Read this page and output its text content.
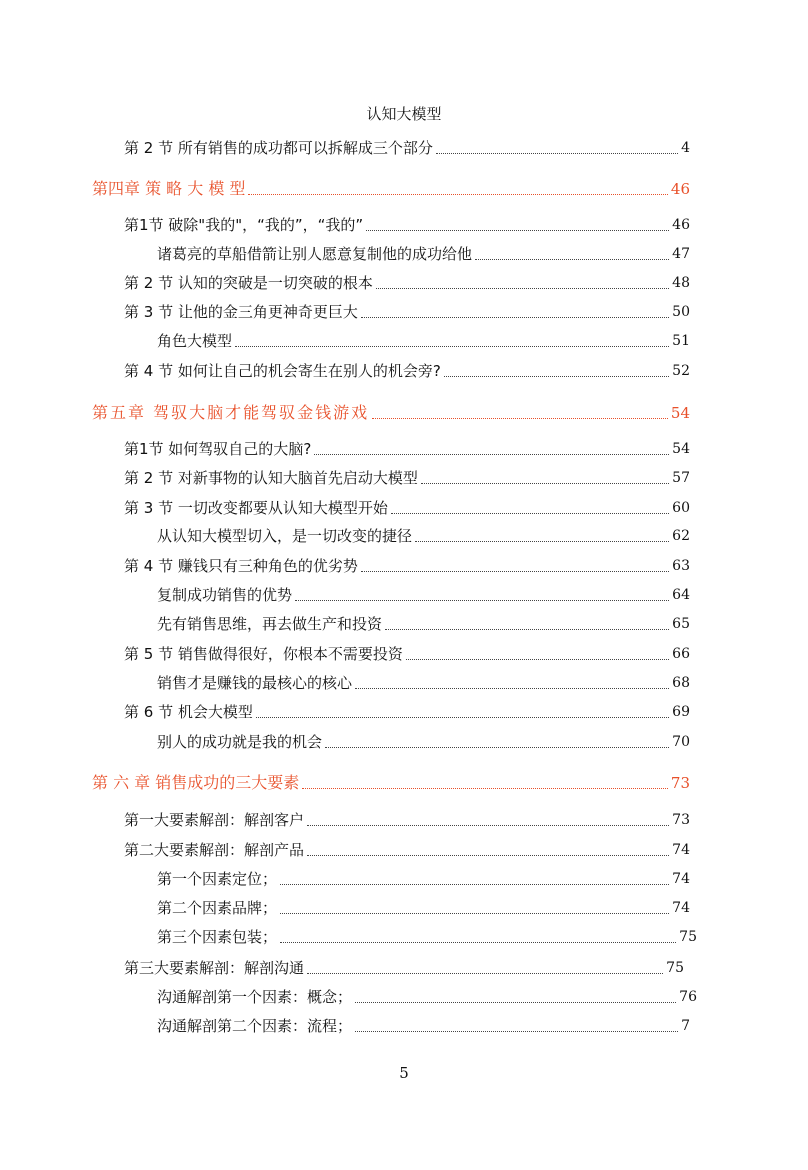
认知大模型
第 2 节 所有销售的成功都可以拆解成三个部分	4
第四章 策 略 大 模 型	46
第1节 破除"我的"，“我的”，“我的”	46
诸葛亮的草船借箭让别人愿意复制他的成功给他	47
第 2 节 认知的突破是一切突破的根本	48
第 3 节 让他的金三角更神奇更巨大	50
角色大模型	51
第 4 节 如何让自己的机会寄生在别人的机会旁?	52
第五章 驾驭大脑才能驾驭金钱游戏	54
第1节 如何驾驭自己的大脑?	54
第 2 节 对新事物的认知大脑首先启动大模型	57
第 3 节 一切改变都要从认知大模型开始	60
从认知大模型切入，是一切改变的捷径	62
第 4 节 赚钱只有三种角色的优劣势	63
复制成功销售的优势	64
先有销售思维，再去做生产和投资	65
第 5 节 销售做得很好，你根本不需要投资	66
销售才是赚钱的最核心的核心	68
第 6 节 机会大模型	69
别人的成功就是我的机会	70
第 六 章 销售成功的三大要素	73
第一大要素解剖：解剖客户	73
第二大要素解剖：解剖产品	74
第一个因素定位；	74
第二个因素品牌；	74
第三个因素包装；	75
第三大要素解剖：解剖沟通	75
沟通解剖第一个因素：概念；	76
沟通解剖第二个因素：流程；	7
5
